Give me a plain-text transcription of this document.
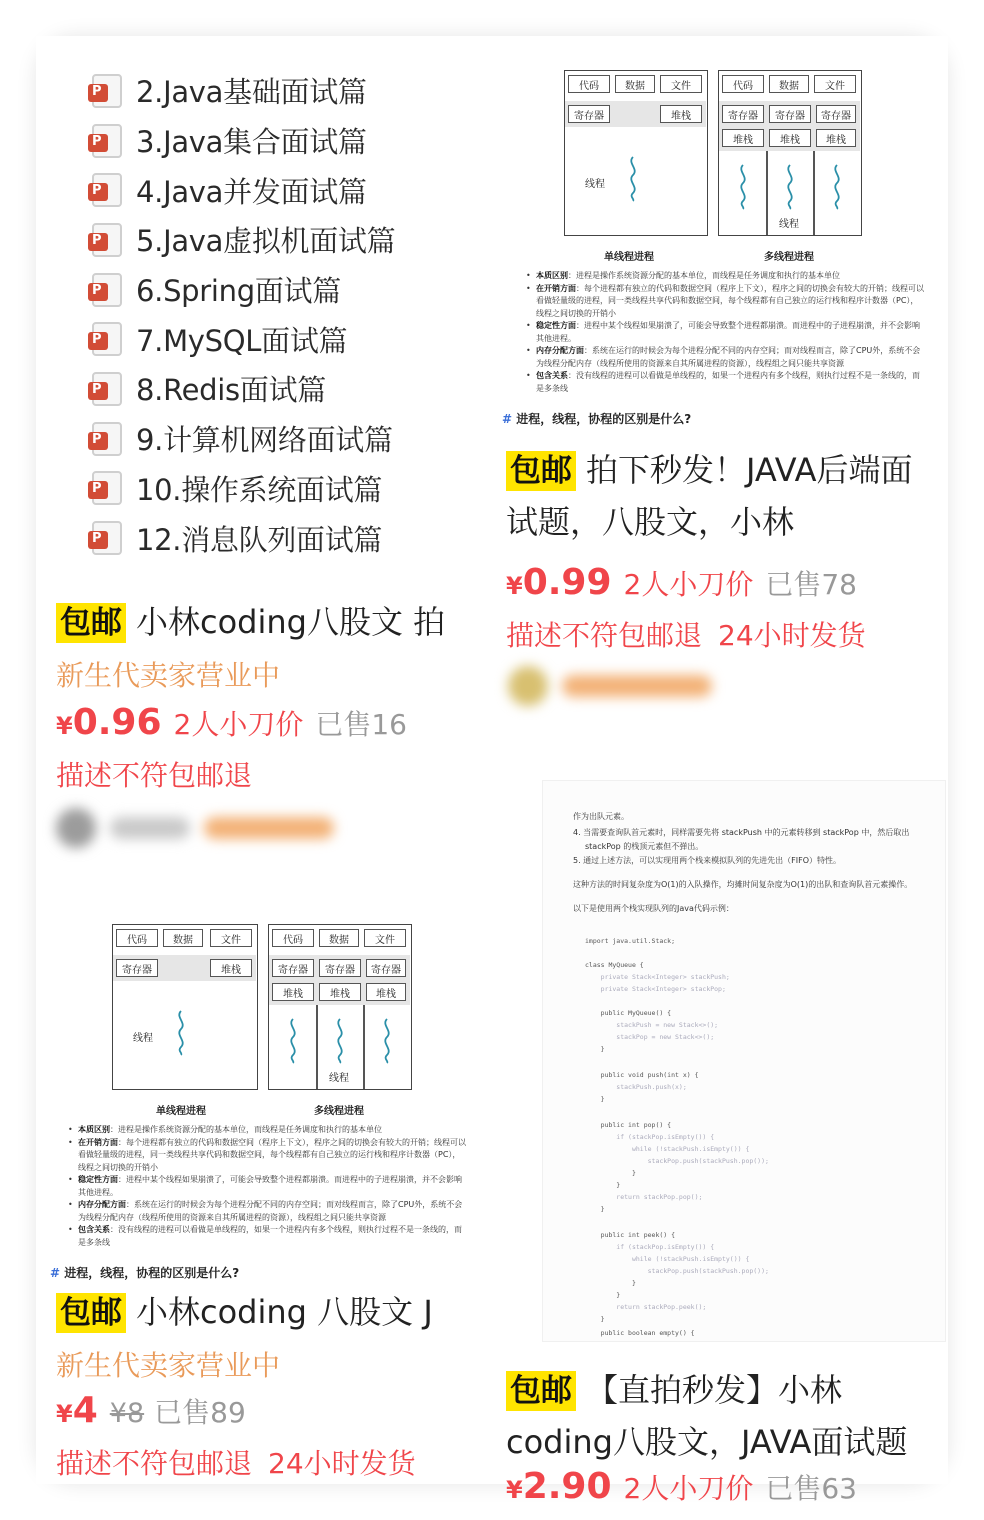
P
2.Java基础面试篇
P
3.Java集合面试篇
P
4.Java并发面试篇
P
5.Java虚拟机面试篇
P
6.Spring面试篇
P
7.MySQL面试篇
P
8.Redis面试篇
P
9.计算机网络面试篇
P
10.操作系统面试篇
P
12.消息队列面试篇
包邮 小林coding八股文 拍
新生代卖家营业中
¥0.96 2人小刀价 已售16
描述不符包邮退
代码	数据	文件
寄存器	堆栈
线程
单线程进程
代码	数据	文件
寄存器	寄存器	寄存器
堆栈	堆栈	堆栈
线程
多线程进程
• 本质区别：进程是操作系统资源分配的基本单位，而线程是任务调度和执行的基本单位
• 在开销方面：每个进程都有独立的代码和数据空间（程序上下文），程序之间的切换会有较大的开销；线程可以看做轻量级的进程，同一类线程共享代码和数据空间，每个线程都有自己独立的运行栈和程序计数器（PC），线程之间切换的开销小
• 稳定性方面：进程中某个线程如果崩溃了，可能会导致整个进程都崩溃。而进程中的子进程崩溃，并不会影响其他进程。
• 内存分配方面：系统在运行的时候会为每个进程分配不同的内存空间；而对线程而言，除了CPU外，系统不会为线程分配内存（线程所使用的资源来自其所属进程的资源），线程组之间只能共享资源
• 包含关系：没有线程的进程可以看做是单线程的，如果一个进程内有多个线程，则执行过程不是一条线的，而是多条线
# 进程，线程，协程的区别是什么?
包邮 拍下秒发！JAVA后端面试题，八股文，小林
¥0.99 2人小刀价 已售78
描述不符包邮退 24小时发货
代码	数据	文件
寄存器	堆栈
线程
单线程进程
代码	数据	文件
寄存器	寄存器	寄存器
堆栈	堆栈	堆栈
线程
多线程进程
• 本质区别：进程是操作系统资源分配的基本单位，而线程是任务调度和执行的基本单位
• 在开销方面：每个进程都有独立的代码和数据空间（程序上下文），程序之间的切换会有较大的开销；线程可以看做轻量级的进程，同一类线程共享代码和数据空间，每个线程都有自己独立的运行栈和程序计数器（PC），线程之间切换的开销小
• 稳定性方面：进程中某个线程如果崩溃了，可能会导致整个进程都崩溃。而进程中的子进程崩溃，并不会影响其他进程。
• 内存分配方面：系统在运行的时候会为每个进程分配不同的内存空间；而对线程而言，除了CPU外，系统不会为线程分配内存（线程所使用的资源来自其所属进程的资源），线程组之间只能共享资源
• 包含关系：没有线程的进程可以看做是单线程的，如果一个进程内有多个线程，则执行过程不是一条线的，而是多条线
# 进程，线程，协程的区别是什么?
包邮 小林coding 八股文 J
新生代卖家营业中
¥4 ¥8 已售89
描述不符包邮退 24小时发货
作为出队元素。
4. 当需要查询队首元素时，同样需要先将 stackPush 中的元素转移到 stackPop 中，然后取出
stackPop 的栈顶元素但不弹出。
5. 通过上述方法，可以实现用两个栈来模拟队列的先进先出（FIFO）特性。
这种方法的时间复杂度为O(1)的入队操作，均摊时间复杂度为O(1)的出队和查询队首元素操作。
以下是使用两个栈实现队列的Java代码示例：
import java.util.Stack;
class MyQueue {
private Stack<Integer> stackPush;
private Stack<Integer> stackPop;
public MyQueue() {
stackPush = new Stack<>();
stackPop = new Stack<>();
}
public void push(int x) {
stackPush.push(x);
}
public int pop() {
if (stackPop.isEmpty()) {
while (!stackPush.isEmpty()) {
stackPop.push(stackPush.pop());
}
}
return stackPop.pop();
}
public int peek() {
if (stackPop.isEmpty()) {
while (!stackPush.isEmpty()) {
stackPop.push(stackPush.pop());
}
}
return stackPop.peek();
}
public boolean empty() {
包邮 【直拍秒发】小林coding八股文，JAVA面试题
¥2.90 2人小刀价 已售63
